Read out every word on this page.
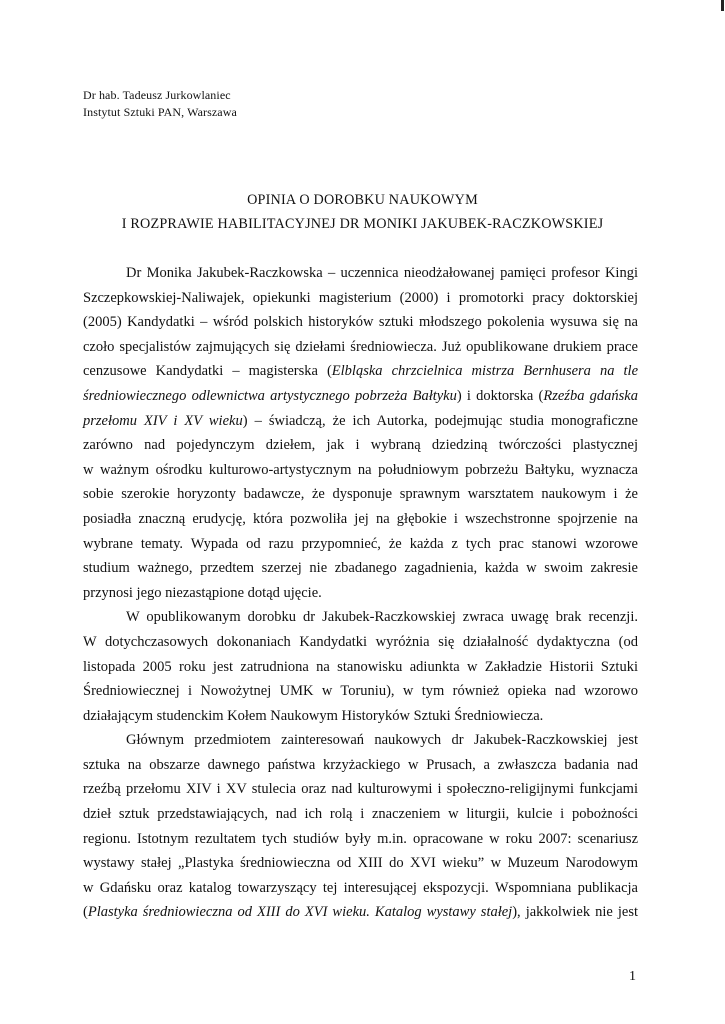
Dr hab. Tadeusz Jurkowlaniec
Instytut Sztuki PAN, Warszawa
OPINIA O DOROBKU NAUKOWYM
I ROZPRAWIE HABILITACYJNEJ DR MONIKI JAKUBEK-RACZKOWSKIEJ
Dr Monika Jakubek-Raczkowska – uczennica nieodżałowanej pamięci profesor Kingi
Szczepkowskiej-Naliwajek, opiekunki magisterium (2000) i promotorki pracy doktorskiej
(2005) Kandydatki – wśród polskich historyków sztuki młodszego pokolenia wysuwa się na
czoło specjalistów zajmujących się dziełami średniowiecza. Już opublikowane drukiem prace
cenzusowe Kandydatki – magisterska (Elbląska chrzcielnica mistrza Bernhusera na tle
średniowiecznego odlewnictwa artystycznego pobrzeża Bałtyku) i doktorska (Rzeźba gdańska
przełomu XIV i XV wieku) – świadczą, że ich Autorka, podejmując studia monograficzne
zarówno nad pojedynczym dziełem, jak i wybraną dziedziną twórczości plastycznej
w ważnym ośrodku kulturowo-artystycznym na południowym pobrzeżu Bałtyku, wyznacza
sobie szerokie horyzonty badawcze, że dysponuje sprawnym warsztatem naukowym i że
posiadła znaczną erudycję, która pozwoliła jej na głębokie i wszechstronne spojrzenie na
wybrane tematy. Wypada od razu przypomnieć, że każda z tych prac stanowi wzorowe
studium ważnego, przedtem szerzej nie zbadanego zagadnienia, każda w swoim zakresie
przynosi jego niezastąpione dotąd ujęcie.
W opublikowanym dorobku dr Jakubek-Raczkowskiej zwraca uwagę brak recenzji.
W dotychczasowych dokonaniach Kandydatki wyróżnia się działalność dydaktyczna (od
listopada 2005 roku jest zatrudniona na stanowisku adiunkta w Zakładzie Historii Sztuki
Średniowiecznej i Nowożytnej UMK w Toruniu), w tym również opieka nad wzorowo
działającym studenckim Kołem Naukowym Historyków Sztuki Średniowiecza.
Głównym przedmiotem zainteresowań naukowych dr Jakubek-Raczkowskiej jest
sztuka na obszarze dawnego państwa krzyżackiego w Prusach, a zwłaszcza badania nad
rzeźbą przełomu XIV i XV stulecia oraz nad kulturowymi i społeczno-religijnymi funkcjami
dzieł sztuk przedstawiających, nad ich rolą i znaczeniem w liturgii, kulcie i pobożności
regionu. Istotnym rezultatem tych studiów były m.in. opracowane w roku 2007: scenariusz
wystawy stałej „Plastyka średniowieczna od XIII do XVI wieku” w Muzeum Narodowym
w Gdańsku oraz katalog towarzyszący tej interesującej ekspozycji. Wspomniana publikacja
(Plastyka średniowieczna od XIII do XVI wieku. Katalog wystawy stałej), jakkolwiek nie jest
1
